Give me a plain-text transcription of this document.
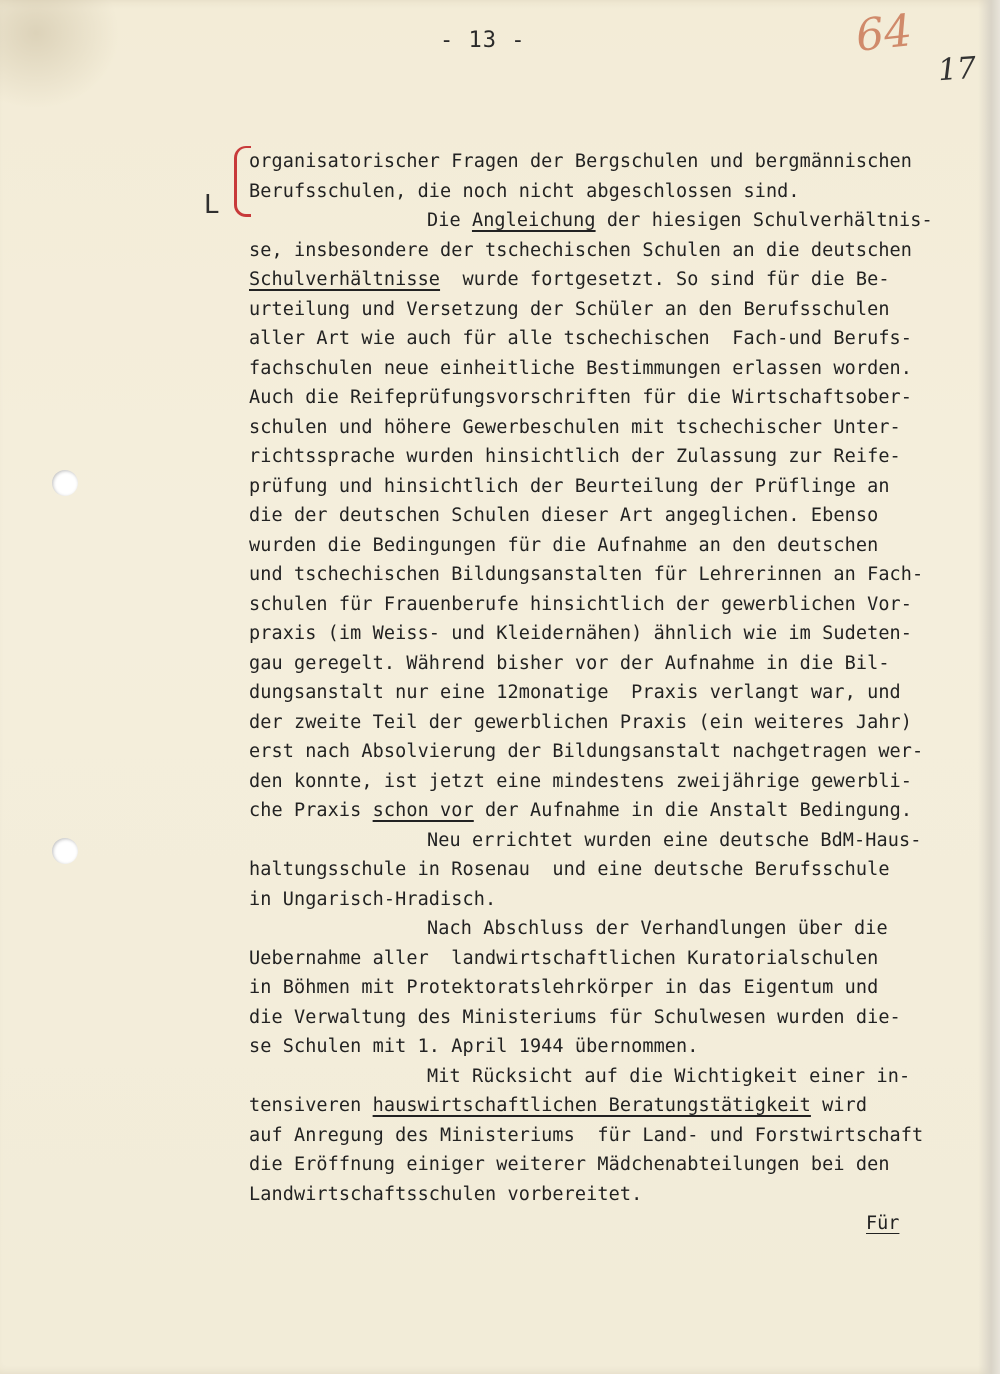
- 13 -	64
17
L
organisatorischer Fragen der Bergschulen und bergmännischen
Berufsschulen, die noch nicht abgeschlossen sind.
Die Angleichung der hiesigen Schulverhältnis-
se, insbesondere der tschechischen Schulen an die deutschen
Schulverhältnisse  wurde fortgesetzt. So sind für die Be-
urteilung und Versetzung der Schüler an den Berufsschulen
aller Art wie auch für alle tschechischen  Fach-und Berufs-
fachschulen neue einheitliche Bestimmungen erlassen worden.
Auch die Reifeprüfungsvorschriften für die Wirtschaftsober-
schulen und höhere Gewerbeschulen mit tschechischer Unter-
richtssprache wurden hinsichtlich der Zulassung zur Reife-
prüfung und hinsichtlich der Beurteilung der Prüflinge an
die der deutschen Schulen dieser Art angeglichen. Ebenso
wurden die Bedingungen für die Aufnahme an den deutschen
und tschechischen Bildungsanstalten für Lehrerinnen an Fach-
schulen für Frauenberufe hinsichtlich der gewerblichen Vor-
praxis (im Weiss- und Kleidernähen) ähnlich wie im Sudeten-
gau geregelt. Während bisher vor der Aufnahme in die Bil-
dungsanstalt nur eine 12monatige  Praxis verlangt war, und
der zweite Teil der gewerblichen Praxis (ein weiteres Jahr)
erst nach Absolvierung der Bildungsanstalt nachgetragen wer-
den konnte, ist jetzt eine mindestens zweijährige gewerbli-
che Praxis schon vor der Aufnahme in die Anstalt Bedingung.
Neu errichtet wurden eine deutsche BdM-Haus-
haltungsschule in Rosenau  und eine deutsche Berufsschule
in Ungarisch-Hradisch.
Nach Abschluss der Verhandlungen über die
Uebernahme aller  landwirtschaftlichen Kuratorialschulen
in Böhmen mit Protektoratslehrkörper in das Eigentum und
die Verwaltung des Ministeriums für Schulwesen wurden die-
se Schulen mit 1. April 1944 übernommen.
Mit Rücksicht auf die Wichtigkeit einer in-
tensiveren hauswirtschaftlichen Beratungstätigkeit wird
auf Anregung des Ministeriums  für Land- und Forstwirtschaft
die Eröffnung einiger weiterer Mädchenabteilungen bei den
Landwirtschaftsschulen vorbereitet.
Für
